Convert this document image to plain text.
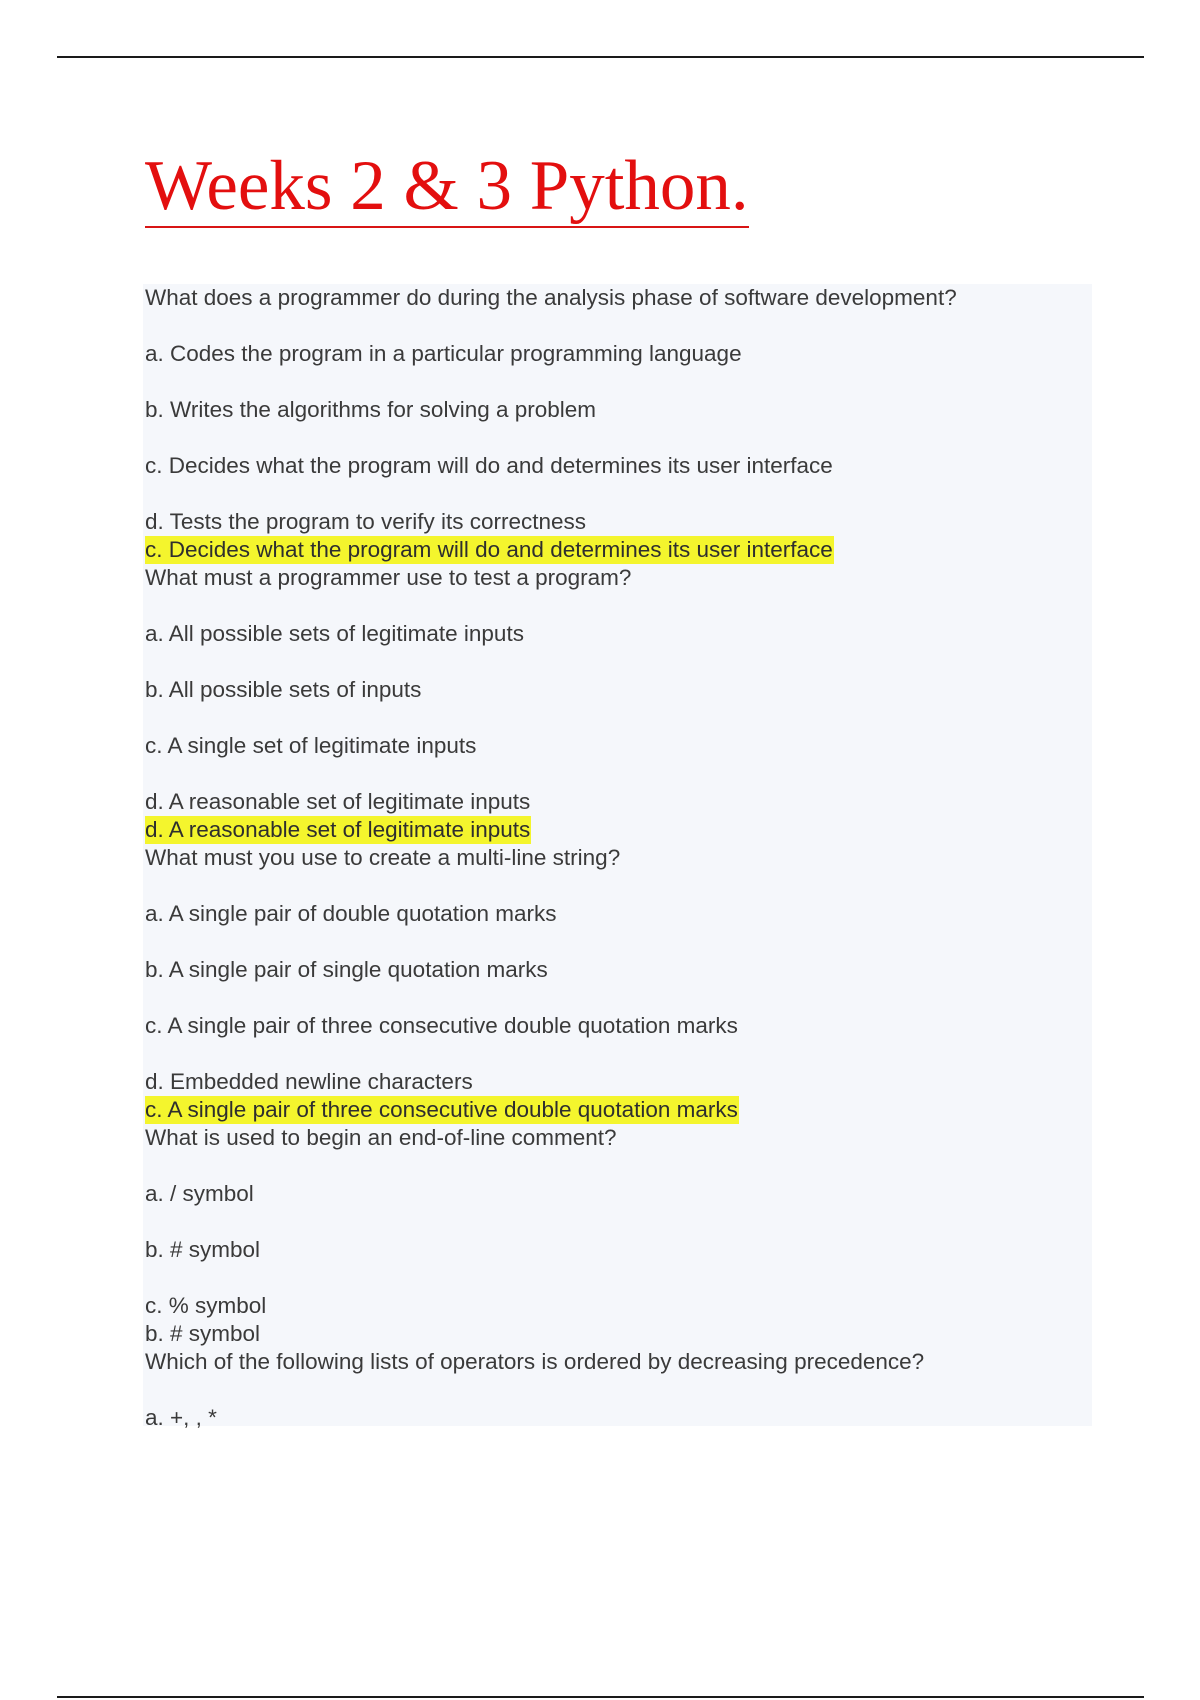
Weeks 2 & 3 Python.
What does a programmer do during the analysis phase of software development?
a. Codes the program in a particular programming language
b. Writes the algorithms for solving a problem
c. Decides what the program will do and determines its user interface
d. Tests the program to verify its correctness
c. Decides what the program will do and determines its user interface
What must a programmer use to test a program?
a. All possible sets of legitimate inputs
b. All possible sets of inputs
c. A single set of legitimate inputs
d. A reasonable set of legitimate inputs
d. A reasonable set of legitimate inputs
What must you use to create a multi-line string?
a. A single pair of double quotation marks
b. A single pair of single quotation marks
c. A single pair of three consecutive double quotation marks
d. Embedded newline characters
c. A single pair of three consecutive double quotation marks
What is used to begin an end-of-line comment?
a. / symbol
b. # symbol
c. % symbol
b. # symbol
Which of the following lists of operators is ordered by decreasing precedence?
a. +, , *
